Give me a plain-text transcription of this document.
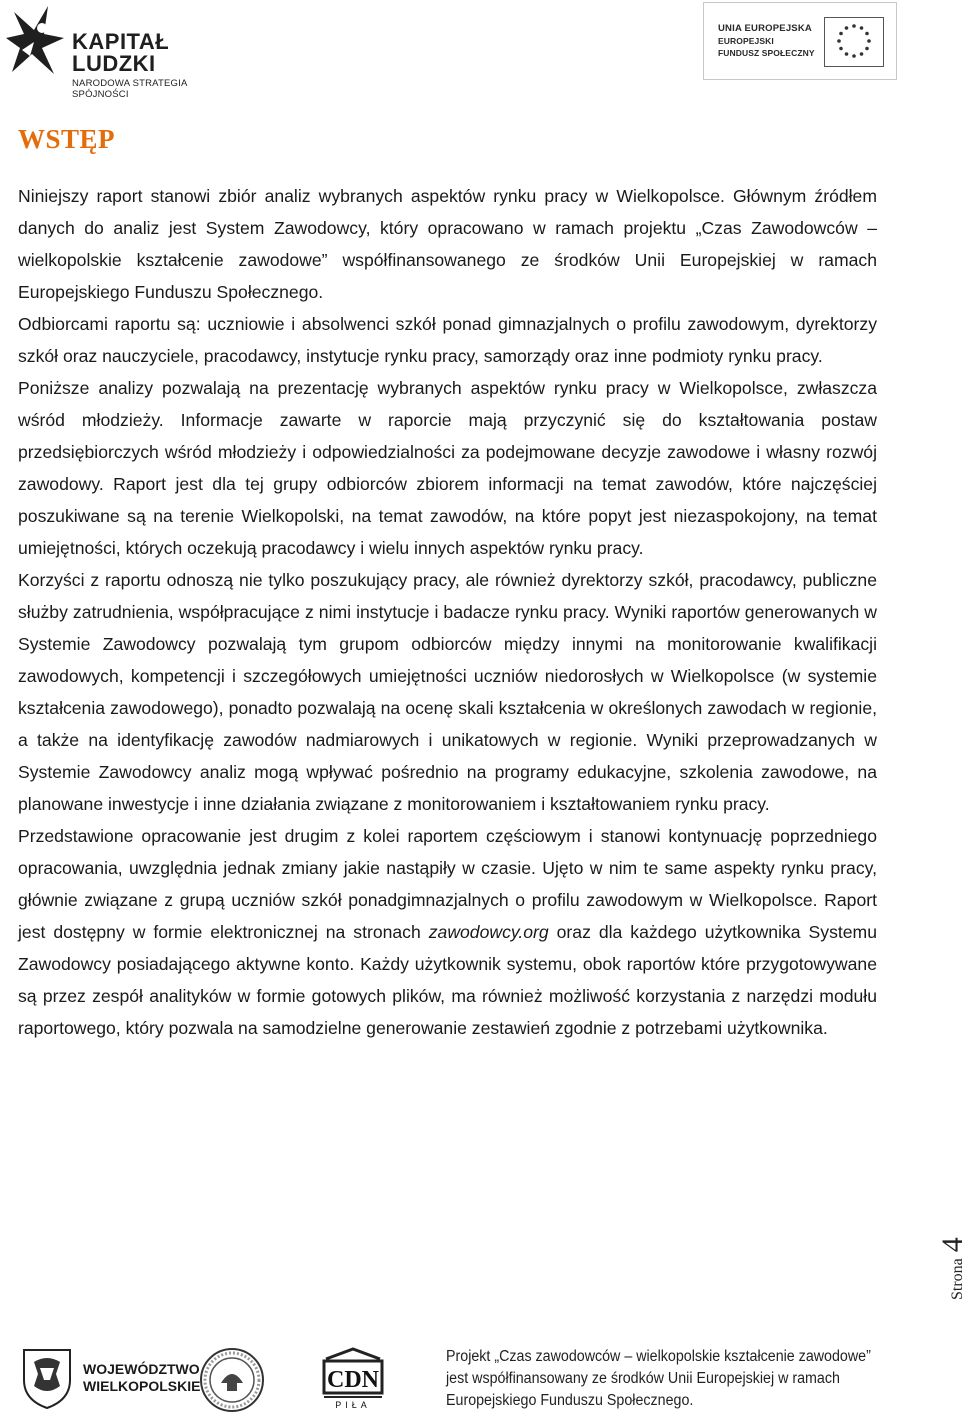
KAPITAŁ LUDZKI
NARODOWA STRATEGIA SPÓJNOŚCI
UNIA EUROPEJSKA
EUROPEJSKI
FUNDUSZ SPOŁECZNY
WSTĘP

Niniejszy raport stanowi zbiór analiz wybranych aspektów rynku pracy w Wielkopolsce. Głównym źródłem danych do analiz jest System Zawodowcy, który opracowano w ramach projektu „Czas Zawodowców – wielkopolskie kształcenie zawodowe” współfinansowanego ze środków Unii Europejskiej w ramach Europejskiego Funduszu Społecznego.

Odbiorcami raportu są: uczniowie i absolwenci szkół ponad gimnazjalnych o profilu zawodowym, dyrektorzy szkół oraz nauczyciele, pracodawcy, instytucje rynku pracy, samorządy oraz inne podmioty rynku pracy.

Poniższe analizy pozwalają na prezentację wybranych aspektów rynku pracy w Wielkopolsce, zwłaszcza wśród młodzieży. Informacje zawarte w raporcie mają przyczynić się do kształtowania postaw przedsiębiorczych wśród młodzieży i odpowiedzialności za podejmowane decyzje zawodowe i własny rozwój zawodowy. Raport jest dla tej grupy odbiorców zbiorem informacji na temat zawodów, które najczęściej poszukiwane są na terenie Wielkopolski, na temat zawodów, na które popyt jest niezaspokojony, na temat umiejętności, których oczekują pracodawcy i wielu innych aspektów rynku pracy.

Korzyści z raportu odnoszą nie tylko poszukujący pracy, ale również dyrektorzy szkół, pracodawcy, publiczne służby zatrudnienia, współpracujące z nimi instytucje i badacze rynku pracy. Wyniki raportów generowanych w Systemie Zawodowcy pozwalają tym grupom odbiorców między innymi na monitorowanie kwalifikacji zawodowych, kompetencji i szczegółowych umiejętności uczniów niedorosłych w Wielkopolsce (w systemie kształcenia zawodowego), ponadto pozwalają na ocenę skali kształcenia w określonych zawodach w regionie, a także na identyfikację zawodów nadmiarowych i unikatowych w regionie. Wyniki przeprowadzanych w Systemie Zawodowcy analiz mogą wpływać pośrednio na programy edukacyjne, szkolenia zawodowe, na planowane inwestycje i inne działania związane z monitorowaniem i kształtowaniem rynku pracy.

Przedstawione opracowanie jest drugim z kolei raportem częściowym i stanowi kontynuację poprzedniego opracowania, uwzględnia jednak zmiany jakie nastąpiły w czasie. Ujęto w nim te same aspekty rynku pracy, głównie związane z grupą uczniów szkół ponadgimnazjalnych o profilu zawodowym w Wielkopolsce. Raport jest dostępny w formie elektronicznej na stronach zawodowcy.org oraz dla każdego użytkownika Systemu Zawodowcy posiadającego aktywne konto. Każdy użytkownik systemu, obok raportów które przygotowywane są przez zespół analityków w formie gotowych plików, ma również możliwość korzystania z narzędzi modułu raportowego, który pozwala na samodzielne generowanie zestawień zgodnie z potrzebami użytkownika.

Strona4
WOJEWÓDZTWO
WIELKOPOLSKIE	CDN
PIŁA
Projekt „Czas zawodowców – wielkopolskie kształcenie zawodowe”
jest współfinansowany ze środków Unii Europejskiej w ramach
Europejskiego Funduszu Społecznego.
